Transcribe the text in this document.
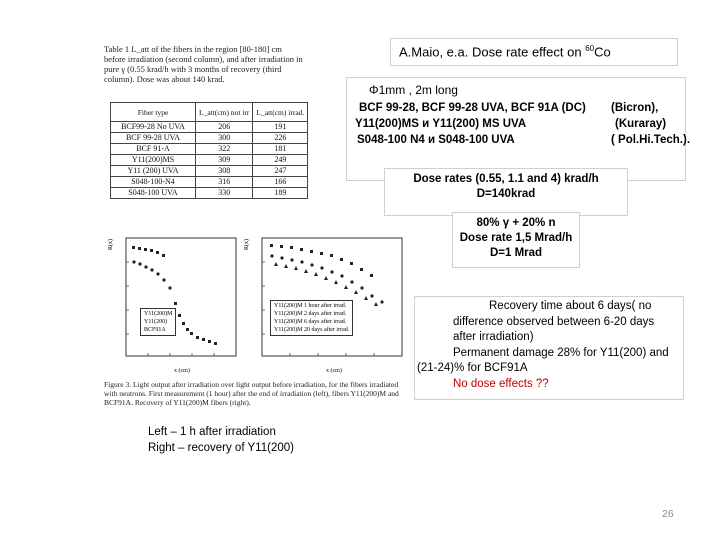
A.Maio, e.a. Dose rate effect on $^{60}$Co
Φ1mm , 2m long
BCF 99-28, BCF 99-28 UVA, BCF 91A (DC) (Bicron),
Y11(200)MS и Y11(200) MS UVA	(Kuraray)
S048-100 N4 и S048-100 UVA	( Pol.Hi.Tech.).
Dose rates (0.55, 1.1 and 4) krad/h
D=140krad
80% γ + 20% n
Dose rate 1,5 Mrad/h
D=1 Mrad
Recovery time about 6 days( no difference observed between 6-20 days after irradiation)
Permanent damage 28% for Y11(200) and (21-24)% for BCF91A
No dose effects ??
Left – 1 h after irradiation
Right – recovery of Y11(200)
26
Table 1 L_att of the fibers in the region [80-180] cm before irradiation (second column), and after irradiation in pure γ (0.55 krad/h with 3 months of recovery (third column). Dose was about 140 krad.
Fiber type	L_att(cm) not irr	L_att(cm) irrad.
BCF99-28 No UVA	206	191
BCF 99-28 UVA	300	226
BCF 91-A	322	181
Y11(200)MS	309	249
Y11 (200) UVA	308	247
S048-100-N4	316	166
S048-100 UVA	330	189
R(x)
x (cm)
Y11(200)M
Y11(200)
BCF91A
R(x)
x (cm)
Y11(200)M 1 hour after irrad.
Y11(200)M 2 days after irrad.
Y11(200)M 6 days after irrad.
Y11(200)M 20 days after irrad.
Figure 3. Light output after irradiation over light output before irradiation, for the fibers irradiated with neutrons. First measurement (1 hour) after the end of irradiation (left), fibers Y11(200)M and BCF91A. Recovery of Y11(200)M fibers (right).
